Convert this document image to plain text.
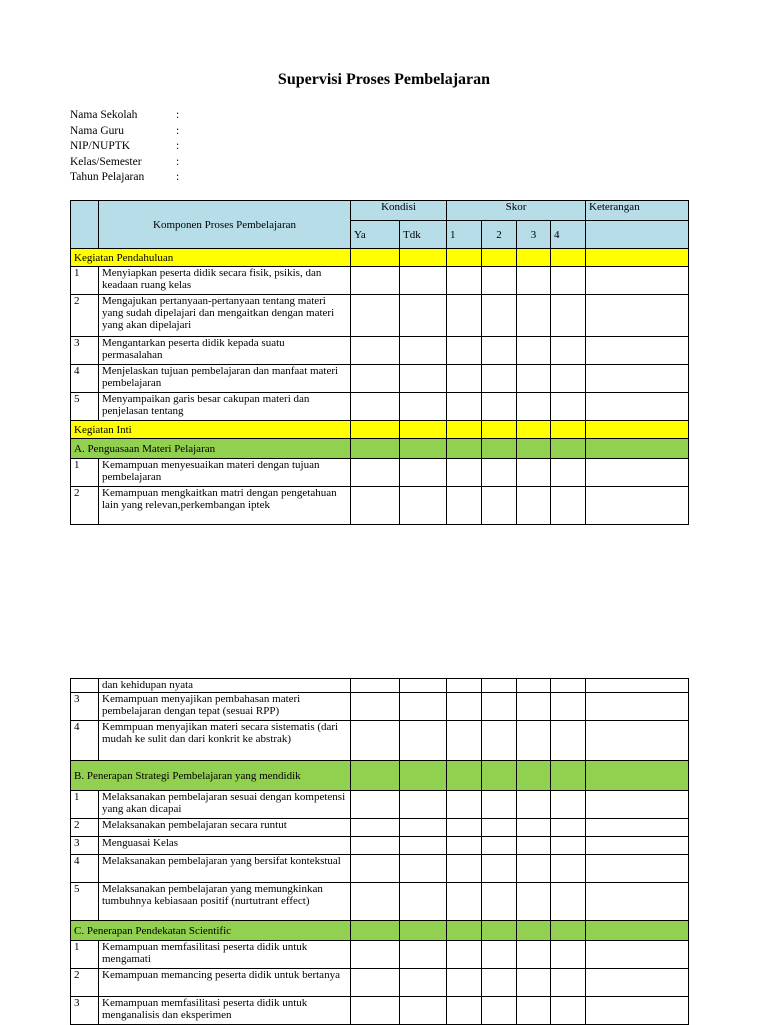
Supervisi Proses Pembelajaran
Nama Sekolah	:
Nama Guru	:
NIP/NUPTK	:
Kelas/Semester	:
Tahun Pelajaran	:
	Komponen Proses Pembelajaran	Kondisi		Skor				Keterangan
		Ya	Tdk	1	2	3	4	
Kegiatan Pendahuluan								
1	Menyiapkan peserta didik secara fisik, psikis, dan keadaan ruang kelas							
2	Mengajukan pertanyaan-pertanyaan tentang materi yang sudah dipelajari dan mengaitkan dengan materi yang akan dipelajari							
3	Mengantarkan peserta didik kepada suatu permasalahan							
4	Menjelaskan tujuan pembelajaran dan manfaat materi pembelajaran							
5	Menyampaikan garis besar cakupan materi dan penjelasan tentang							
Kegiatan Inti								
A. Penguasaan Materi Pelajaran								
1	Kemampuan menyesuaikan materi dengan tujuan pembelajaran							
2	Kemampuan mengkaitkan matri dengan pengetahuan lain yang relevan,perkembangan iptek							
	dan kehidupan nyata							
3	Kemampuan menyajikan pembahasan materi pembelajaran dengan tepat (sesuai RPP)							
4	Kemmpuan menyajikan materi secara sistematis (dari mudah ke sulit dan dari konkrit ke abstrak)							
B. Penerapan Strategi Pembelajaran yang mendidik								
1	Melaksanakan pembelajaran sesuai dengan kompetensi yang akan dicapai							
2	Melaksanakan pembelajaran secara runtut							
3	Menguasai Kelas							
4	Melaksanakan pembelajaran yang bersifat kontekstual							
5	Melaksanakan pembelajaran yang memungkinkan tumbuhnya kebiasaan positif (nurtutrant effect)							
C. Penerapan Pendekatan Scientific								
1	Kemampuan memfasilitasi peserta didik untuk mengamati							
2	Kemampuan memancing peserta didik untuk bertanya							
3	Kemampuan memfasilitasi peserta didik untuk menganalisis dan eksperimen							
